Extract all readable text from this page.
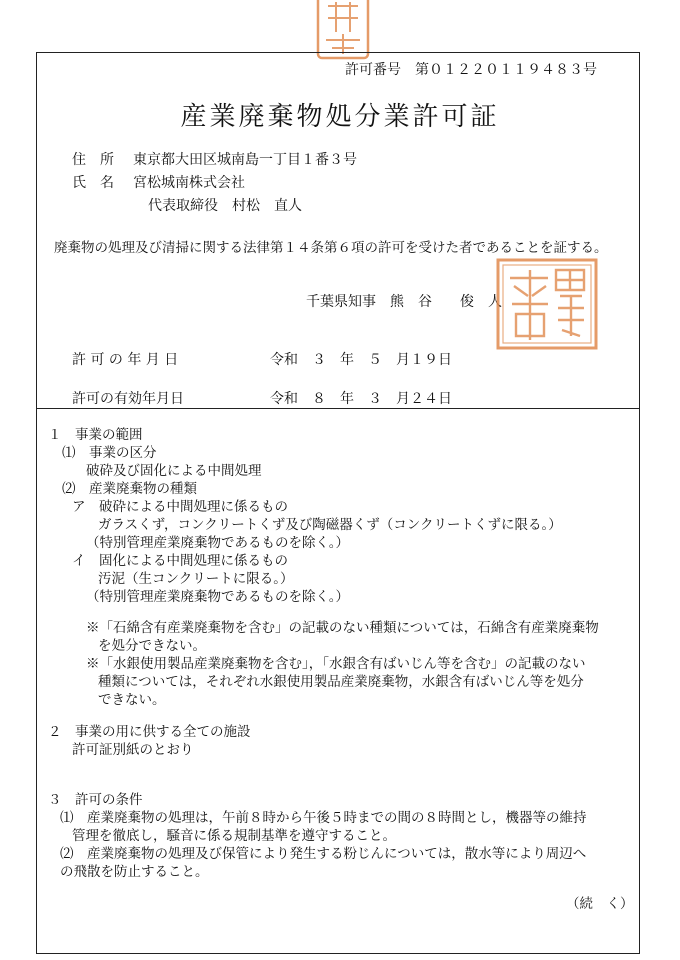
許可番号　第０１２２０１１９４８３号
産業廃棄物処分業許可証
住　所 東京都大田区城南島一丁目１番３号
氏　名 宮松城南株式会社
代表取締役　村松　直人
廃棄物の処理及び清掃に関する法律第１４条第６項の許可を受けた者であることを証する。
千葉県知事　熊　谷　　俊　人
許 可 の 年 月 日	令和　３　年　５　月１９日
許可の有効年月日	令和　８　年　３　月２４日
１　事業の範囲
⑴　事業の区分
破砕及び固化による中間処理
⑵　産業廃棄物の種類
ア　破砕による中間処理に係るもの
ガラスくず，コンクリートくず及び陶磁器くず（コンクリートくずに限る。）
（特別管理産業廃棄物であるものを除く。）
イ　固化による中間処理に係るもの
汚泥（生コンクリートに限る。）
（特別管理産業廃棄物であるものを除く。）
※「石綿含有産業廃棄物を含む」の記載のない種類については，石綿含有産業廃棄物
を処分できない。
※「水銀使用製品産業廃棄物を含む」，「水銀含有ばいじん等を含む」の記載のない
種類については，それぞれ水銀使用製品産業廃棄物，水銀含有ばいじん等を処分
できない。
２　事業の用に供する全ての施設
許可証別紙のとおり
３　許可の条件
⑴　産業廃棄物の処理は，午前８時から午後５時までの間の８時間とし，機器等の維持
管理を徹底し，騒音に係る規制基準を遵守すること。
⑵　産業廃棄物の処理及び保管により発生する粉じんについては，散水等により周辺へ
の飛散を防止すること。
（続　く）
